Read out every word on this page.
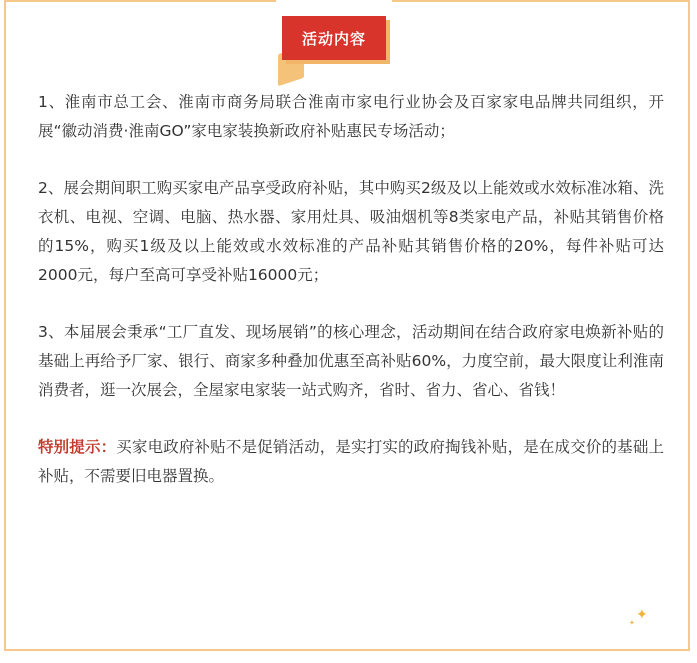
活动内容

1、淮南市总工会、淮南市商务局联合淮南市家电行业协会及百家家电品牌共同组织，开展“徽动消费·淮南GO”家电家装换新政府补贴惠民专场活动；

2、展会期间职工购买家电产品享受政府补贴，其中购买2级及以上能效或水效标准冰箱、洗衣机、电视、空调、电脑、热水器、家用灶具、吸油烟机等8类家电产品，补贴其销售价格的15%，购买1级及以上能效或水效标准的产品补贴其销售价格的20%，每件补贴可达2000元，每户至高可享受补贴16000元；

3、本届展会秉承“工厂直发、现场展销”的核心理念，活动期间在结合政府家电焕新补贴的基础上再给予厂家、银行、商家多种叠加优惠至高补贴60%，力度空前，最大限度让利淮南消费者，逛一次展会，全屋家电家装一站式购齐，省时、省力、省心、省钱！

特别提示：买家电政府补贴不是促销活动，是实打实的政府掏钱补贴，是在成交价的基础上补贴，不需要旧电器置换。

✦
✦
